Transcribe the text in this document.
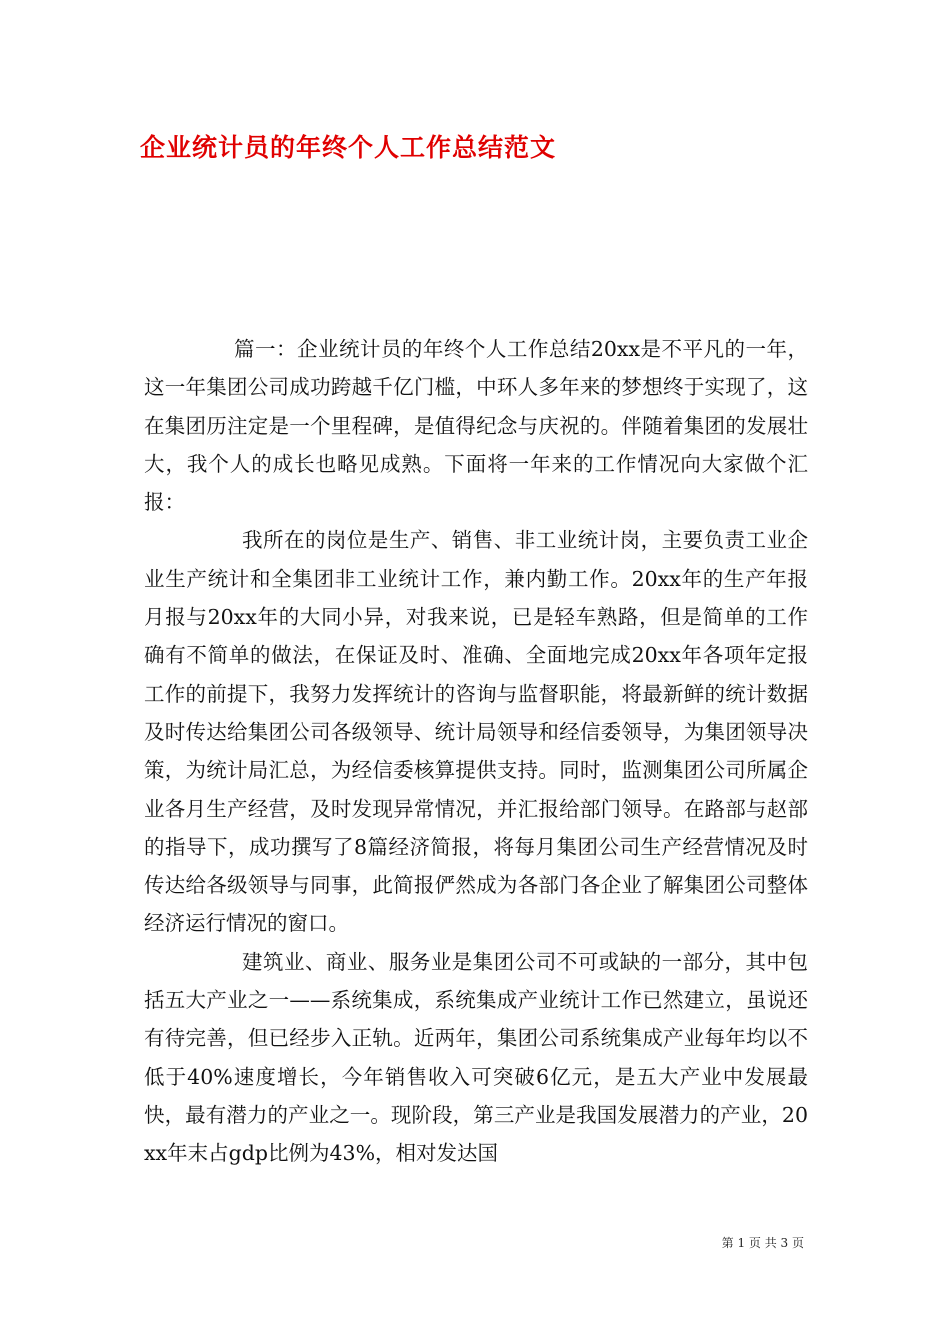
企业统计员的年终个人工作总结范文

篇一：企业统计员的年终个人工作总结20xx是不平凡的一年，这一年集团公司成功跨越千亿门槛，中环人多年来的梦想终于实现了，这在集团历注定是一个里程碑，是值得纪念与庆祝的。伴随着集团的发展壮大，我个人的成长也略见成熟。下面将一年来的工作情况向大家做个汇报：

我所在的岗位是生产、销售、非工业统计岗，主要负责工业企业生产统计和全集团非工业统计工作，兼内勤工作。20xx年的生产年报月报与20xx年的大同小异，对我来说，已是轻车熟路，但是简单的工作确有不简单的做法，在保证及时、准确、全面地完成20xx年各项年定报工作的前提下，我努力发挥统计的咨询与监督职能，将最新鲜的统计数据及时传达给集团公司各级领导、统计局领导和经信委领导，为集团领导决策，为统计局汇总，为经信委核算提供支持。同时，监测集团公司所属企业各月生产经营，及时发现异常情况，并汇报给部门领导。在路部与赵部的指导下，成功撰写了8篇经济简报，将每月集团公司生产经营情况及时传达给各级领导与同事，此简报俨然成为各部门各企业了解集团公司整体经济运行情况的窗口。

建筑业、商业、服务业是集团公司不可或缺的一部分，其中包括五大产业之一——系统集成，系统集成产业统计工作已然建立，虽说还有待完善，但已经步入正轨。近两年，集团公司系统集成产业每年均以不低于40%速度增长，今年销售收入可突破6亿元，是五大产业中发展最快，最有潜力的产业之一。现阶段，第三产业是我国发展潜力的产业，20xx年末占gdp比例为43%，相对发达国

第 1 页 共 3 页
